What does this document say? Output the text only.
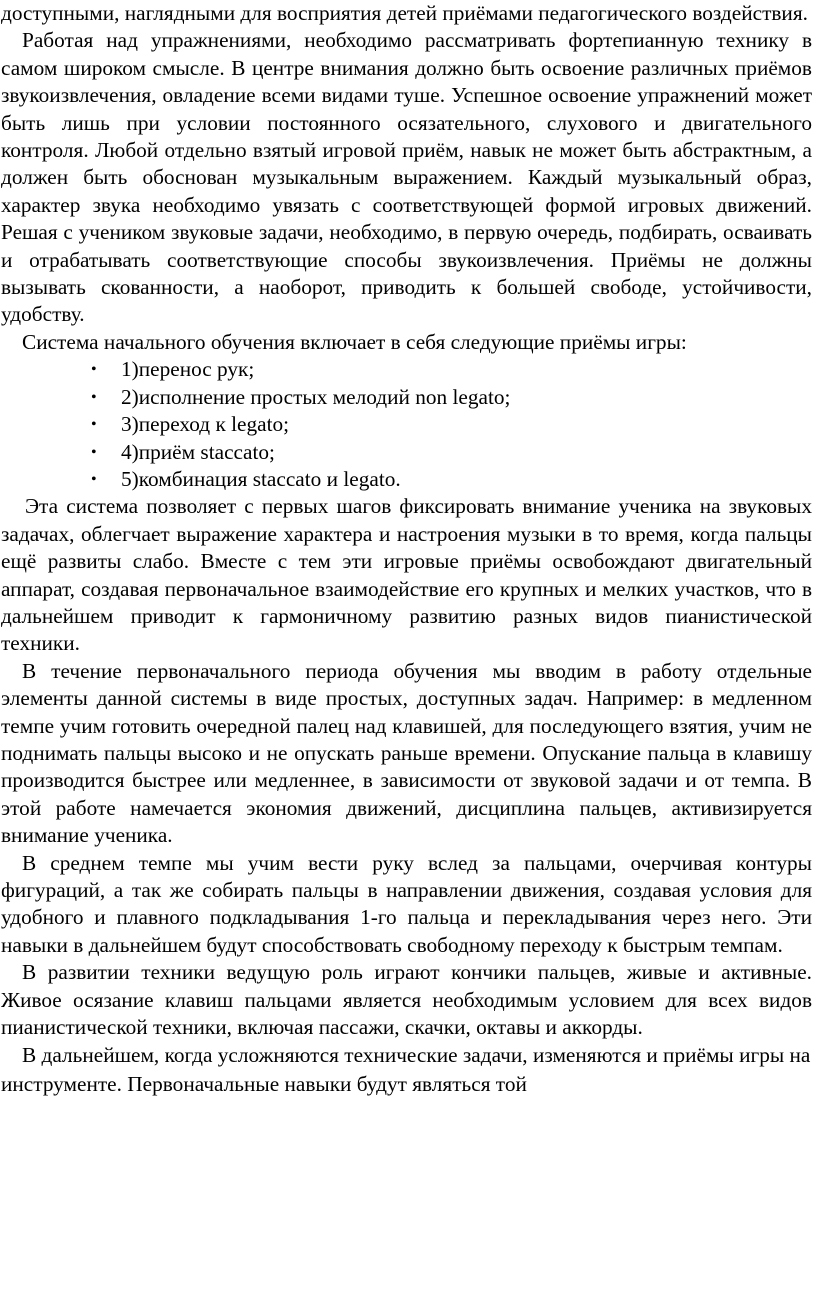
доступными, наглядными для восприятия детей приёмами педагогического воздействия.

Работая над упражнениями, необходимо рассматривать фортепианную технику в самом широком смысле. В центре внимания должно быть освоение различных приёмов звукоизвлечения, овладение всеми видами туше. Успешное освоение упражнений может быть лишь при условии постоянного осязательного, слухового и двигательного контроля. Любой отдельно взятый игровой приём, навык не может быть абстрактным, а должен быть обоснован музыкальным выражением. Каждый музыкальный образ, характер звука необходимо увязать с соответствующей формой игровых движений. Решая с учеником звуковые задачи, необходимо, в первую очередь, подбирать, осваивать и отрабатывать соответствующие способы звукоизвлечения. Приёмы не должны вызывать скованности, а наоборот, приводить к большей свободе, устойчивости, удобству.

Система начального обучения включает в себя следующие приёмы игры:

• 1)перенос рук;
• 2)исполнение простых мелодий non legato;
• 3)переход к legato;
• 4)приём staccato;
• 5)комбинация staccato и legato.

Эта система позволяет с первых шагов фиксировать внимание ученика на звуковых задачах, облегчает выражение характера и настроения музыки в то время, когда пальцы ещё развиты слабо. Вместе с тем эти игровые приёмы освобождают двигательный аппарат, создавая первоначальное взаимодействие его крупных и мелких участков, что в дальнейшем приводит к гармоничному развитию разных видов пианистической техники.

В течение первоначального периода обучения мы вводим в работу отдельные элементы данной системы в виде простых, доступных задач. Например: в медленном темпе учим готовить очередной палец над клавишей, для последующего взятия, учим не поднимать пальцы высоко и не опускать раньше времени. Опускание пальца в клавишу производится быстрее или медленнее, в зависимости от звуковой задачи и от темпа. В этой работе намечается экономия движений, дисциплина пальцев, активизируется внимание ученика.

В среднем темпе мы учим вести руку вслед за пальцами, очерчивая контуры фигураций, а так же собирать пальцы в направлении движения, создавая условия для удобного и плавного подкладывания 1-го пальца и перекладывания через него. Эти навыки в дальнейшем будут способствовать свободному переходу к быстрым темпам.

В развитии техники ведущую роль играют кончики пальцев, живые и активные. Живое осязание клавиш пальцами является необходимым условием для всех видов пианистической техники, включая пассажи, скачки, октавы и аккорды.

В дальнейшем, когда усложняются технические задачи, изменяются и приёмы игры на инструменте. Первоначальные навыки будут являться той
